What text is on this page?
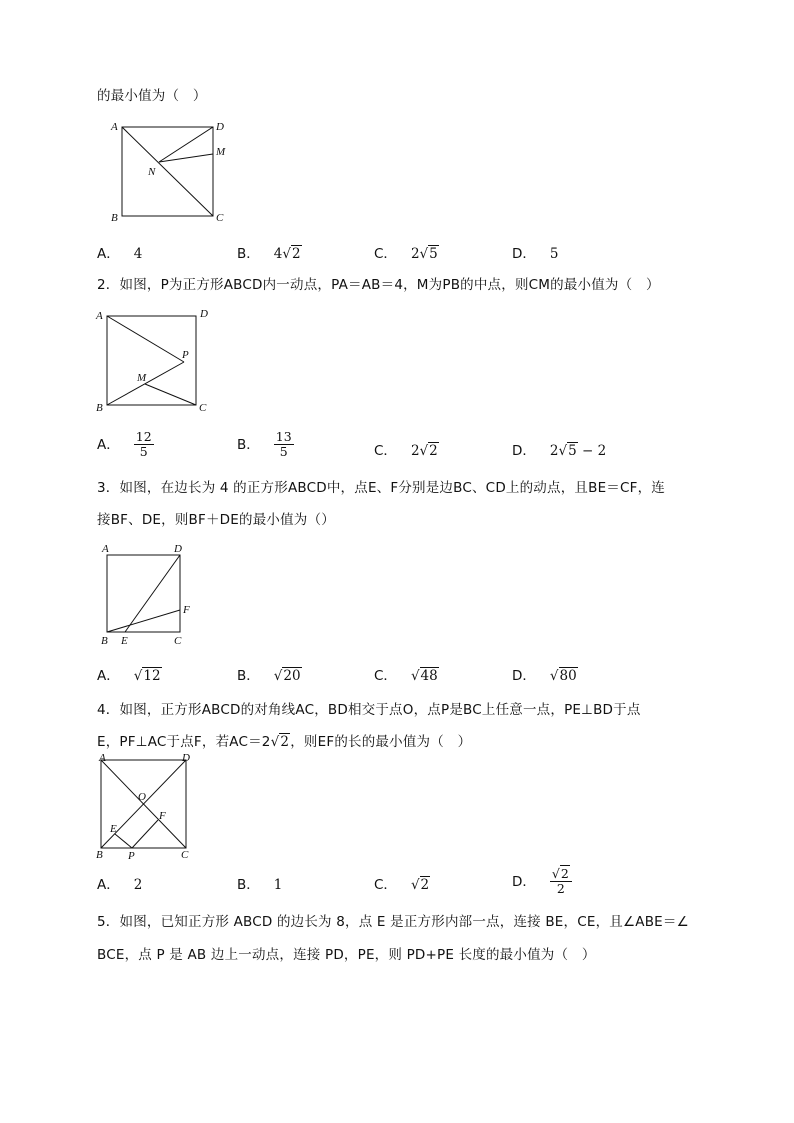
的最小值为（　）
A	D
M
N
B	C
A． 4	B． 4√2	C． 2√5	D． 5
2．如图，P为正方形ABCD内一动点，PA＝AB＝4，M为PB的中点，则CM的最小值为（　）
A	D
P
M
B	C
A． $\frac{12}{5}$	B． $\frac{13}{5}$	C． 2√2	D． 2√5 − 2
3．如图，在边长为 4 的正方形ABCD中，点E、F分别是边BC、CD上的动点，且BE＝CF，连
接BF、DE，则BF＋DE的最小值为（）
A	D
F
B E	C
A． √12	B． √20	C． √48	D． √80
4．如图，正方形ABCD的对角线AC，BD相交于点O，点P是BC上任意一点，PE⊥BD于点
E，PF⊥AC于点F，若AC＝2√2，则EF的长的最小值为（　）
A	D
O
F
E
B P	C
A． 2	B． 1	C． √2	D． $\frac{√2}{2}$
5．如图，已知正方形 ABCD 的边长为 8，点 E 是正方形内部一点，连接 BE，CE，且∠ABE＝∠
BCE，点 P 是 AB 边上一动点，连接 PD，PE，则 PD+PE 长度的最小值为（　）
